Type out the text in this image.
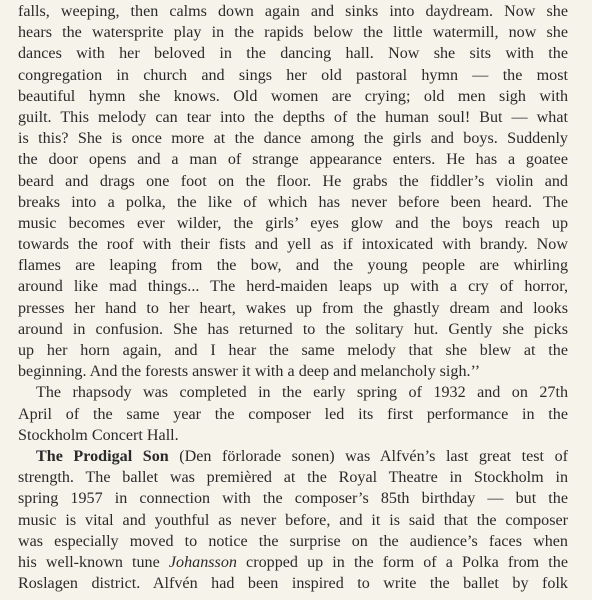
falls, weeping, then calms down again and sinks into daydream. Now she
hears the watersprite play in the rapids below the little watermill, now she
dances with her beloved in the dancing hall. Now she sits with the
congregation in church and sings her old pastoral hymn — the most
beautiful hymn she knows. Old women are crying; old men sigh with
guilt. This melody can tear into the depths of the human soul! But — what
is this? She is once more at the dance among the girls and boys. Suddenly
the door opens and a man of strange appearance enters. He has a goatee
beard and drags one foot on the floor. He grabs the fiddler’s violin and
breaks into a polka, the like of which has never before been heard. The
music becomes ever wilder, the girls’ eyes glow and the boys reach up
towards the roof with their fists and yell as if intoxicated with brandy. Now
flames are leaping from the bow, and the young people are whirling
around like mad things... The herd-maiden leaps up with a cry of horror,
presses her hand to her heart, wakes up from the ghastly dream and looks
around in confusion. She has returned to the solitary hut. Gently she picks
up her horn again, and I hear the same melody that she blew at the
beginning. And the forests answer it with a deep and melancholy sigh.’’
The rhapsody was completed in the early spring of 1932 and on 27th
April of the same year the composer led its first performance in the
Stockholm Concert Hall.
The Prodigal Son (Den förlorade sonen) was Alfvén’s last great test of
strength. The ballet was premièred at the Royal Theatre in Stockholm in
spring 1957 in connection with the composer’s 85th birthday — but the
music is vital and youthful as never before, and it is said that the composer
was especially moved to notice the surprise on the audience’s faces when
his well-known tune Johansson cropped up in the form of a Polka from the
Roslagen district. Alfvén had been inspired to write the ballet by folk
